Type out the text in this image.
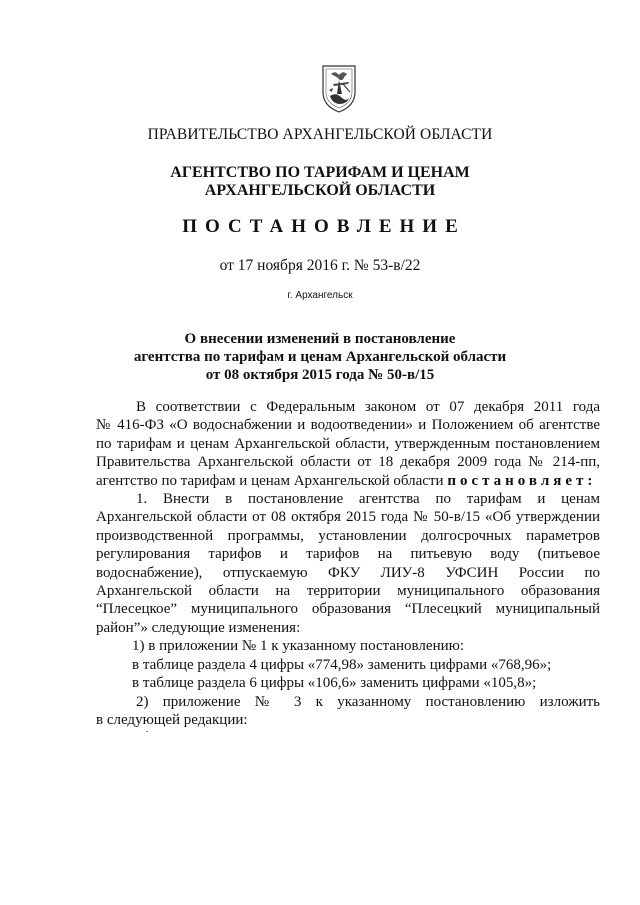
ПРАВИТЕЛЬСТВО АРХАНГЕЛЬСКОЙ ОБЛАСТИ
АГЕНТСТВО ПО ТАРИФАМ И ЦЕНАМ
АРХАНГЕЛЬСКОЙ ОБЛАСТИ
ПОСТАНОВЛЕНИЕ
от 17 ноября 2016 г. № 53-в/22
г. Архангельск
О внесении изменений в постановление
агентства по тарифам и ценам Архангельской области
от 08 октября 2015 года № 50-в/15

В соответствии с Федеральным законом от 07 декабря 2011 года

№ 416-ФЗ «О водоснабжении и водоотведении» и Положением об агентстве

по тарифам и ценам Архангельской области, утвержденным постановлением

Правительства Архангельской области от 18 декабря 2009 года № 214-пп,

агентство по тарифам и ценам Архангельской области постановляет:

1. Внести в постановление агентства по тарифам и ценам

Архангельской области от 08 октября 2015 года № 50-в/15 «Об утверждении

производственной программы, установлении долгосрочных параметров

регулирования тарифов и тарифов на питьевую воду (питьевое

водоснабжение), отпускаемую ФКУ ЛИУ-8 УФСИН России по

Архангельской области на территории муниципального образования

“Плесецкое” муниципального образования “Плесецкий муниципальный

район”» следующие изменения:

1) в приложении № 1 к указанному постановлению:

в таблице раздела 4 цифры «774,98» заменить цифрами «768,96»;

в таблице раздела 6 цифры «106,6» заменить цифрами «105,8»;

2) приложение № 3 к указанному постановлению изложить

в следующей редакции:
